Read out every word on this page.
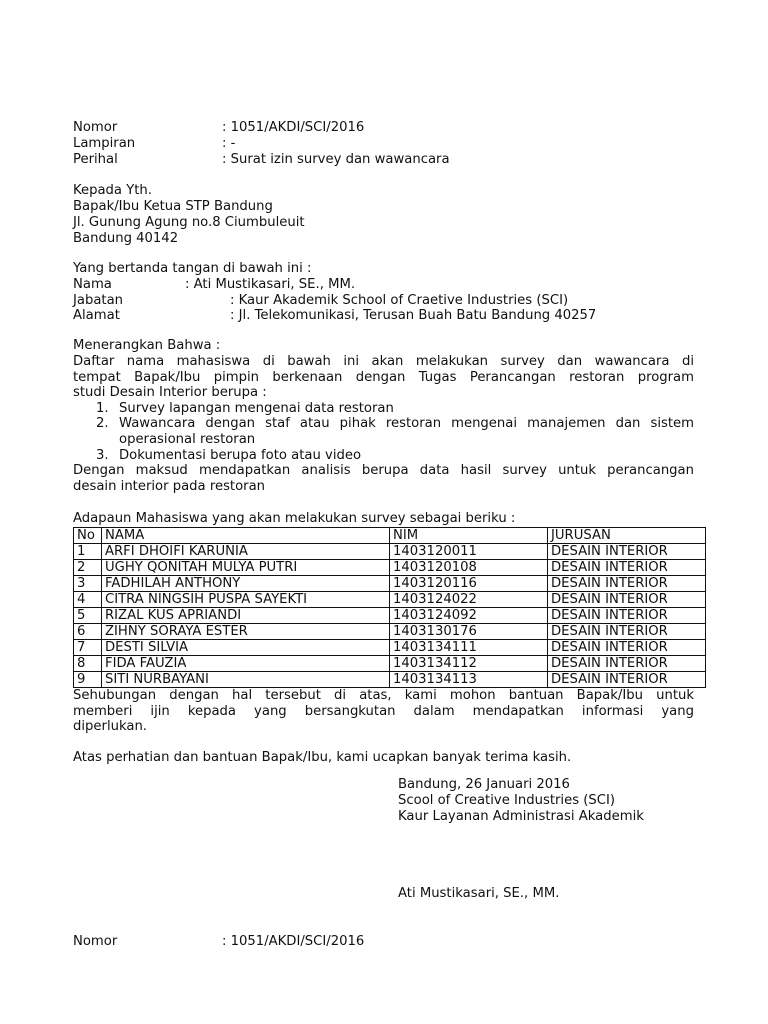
Nomor	: 1051/AKDI/SCI/2016
Lampiran	: -
Perihal	: Surat izin survey dan wawancara
Kepada Yth.
Bapak/Ibu Ketua STP Bandung
Jl. Gunung Agung no.8 Ciumbuleuit
Bandung 40142
Yang bertanda tangan di bawah ini :
Nama	: Ati Mustikasari, SE., MM.
Jabatan	: Kaur Akademik School of Craetive Industries (SCI)
Alamat	: Jl. Telekomunikasi, Terusan Buah Batu Bandung 40257
Menerangkan Bahwa :
Daftar nama mahasiswa di bawah ini akan melakukan survey dan wawancara di
tempat Bapak/Ibu pimpin berkenaan dengan Tugas Perancangan restoran program
studi Desain Interior berupa :
1. Survey lapangan mengenai data restoran
2. Wawancara dengan staf atau pihak restoran mengenai manajemen dan sistem
operasional restoran
3. Dokumentasi berupa foto atau video
Dengan maksud mendapatkan analisis berupa data hasil survey untuk perancangan
desain interior pada restoran
Adapaun Mahasiswa yang akan melakukan survey sebagai beriku :
No	NAMA	NIM	JURUSAN
1	ARFI DHOIFI KARUNIA	1403120011	DESAIN INTERIOR
2	UGHY QONITAH MULYA PUTRI	1403120108	DESAIN INTERIOR
3	FADHILAH ANTHONY	1403120116	DESAIN INTERIOR
4	CITRA NINGSIH PUSPA SAYEKTI	1403124022	DESAIN INTERIOR
5	RIZAL KUS APRIANDI	1403124092	DESAIN INTERIOR
6	ZIHNY SORAYA ESTER	1403130176	DESAIN INTERIOR
7	DESTI SILVIA	1403134111	DESAIN INTERIOR
8	FIDA FAUZIA	1403134112	DESAIN INTERIOR
9	SITI NURBAYANI	1403134113	DESAIN INTERIOR
Sehubungan dengan hal tersebut di atas, kami mohon bantuan Bapak/Ibu untuk
memberi ijin kepada yang bersangkutan dalam mendapatkan informasi yang
diperlukan.
Atas perhatian dan bantuan Bapak/Ibu, kami ucapkan banyak terima kasih.
Bandung, 26 Januari 2016
Scool of Creative Industries (SCI)
Kaur Layanan Administrasi Akademik
Ati Mustikasari, SE., MM.
Nomor	: 1051/AKDI/SCI/2016
